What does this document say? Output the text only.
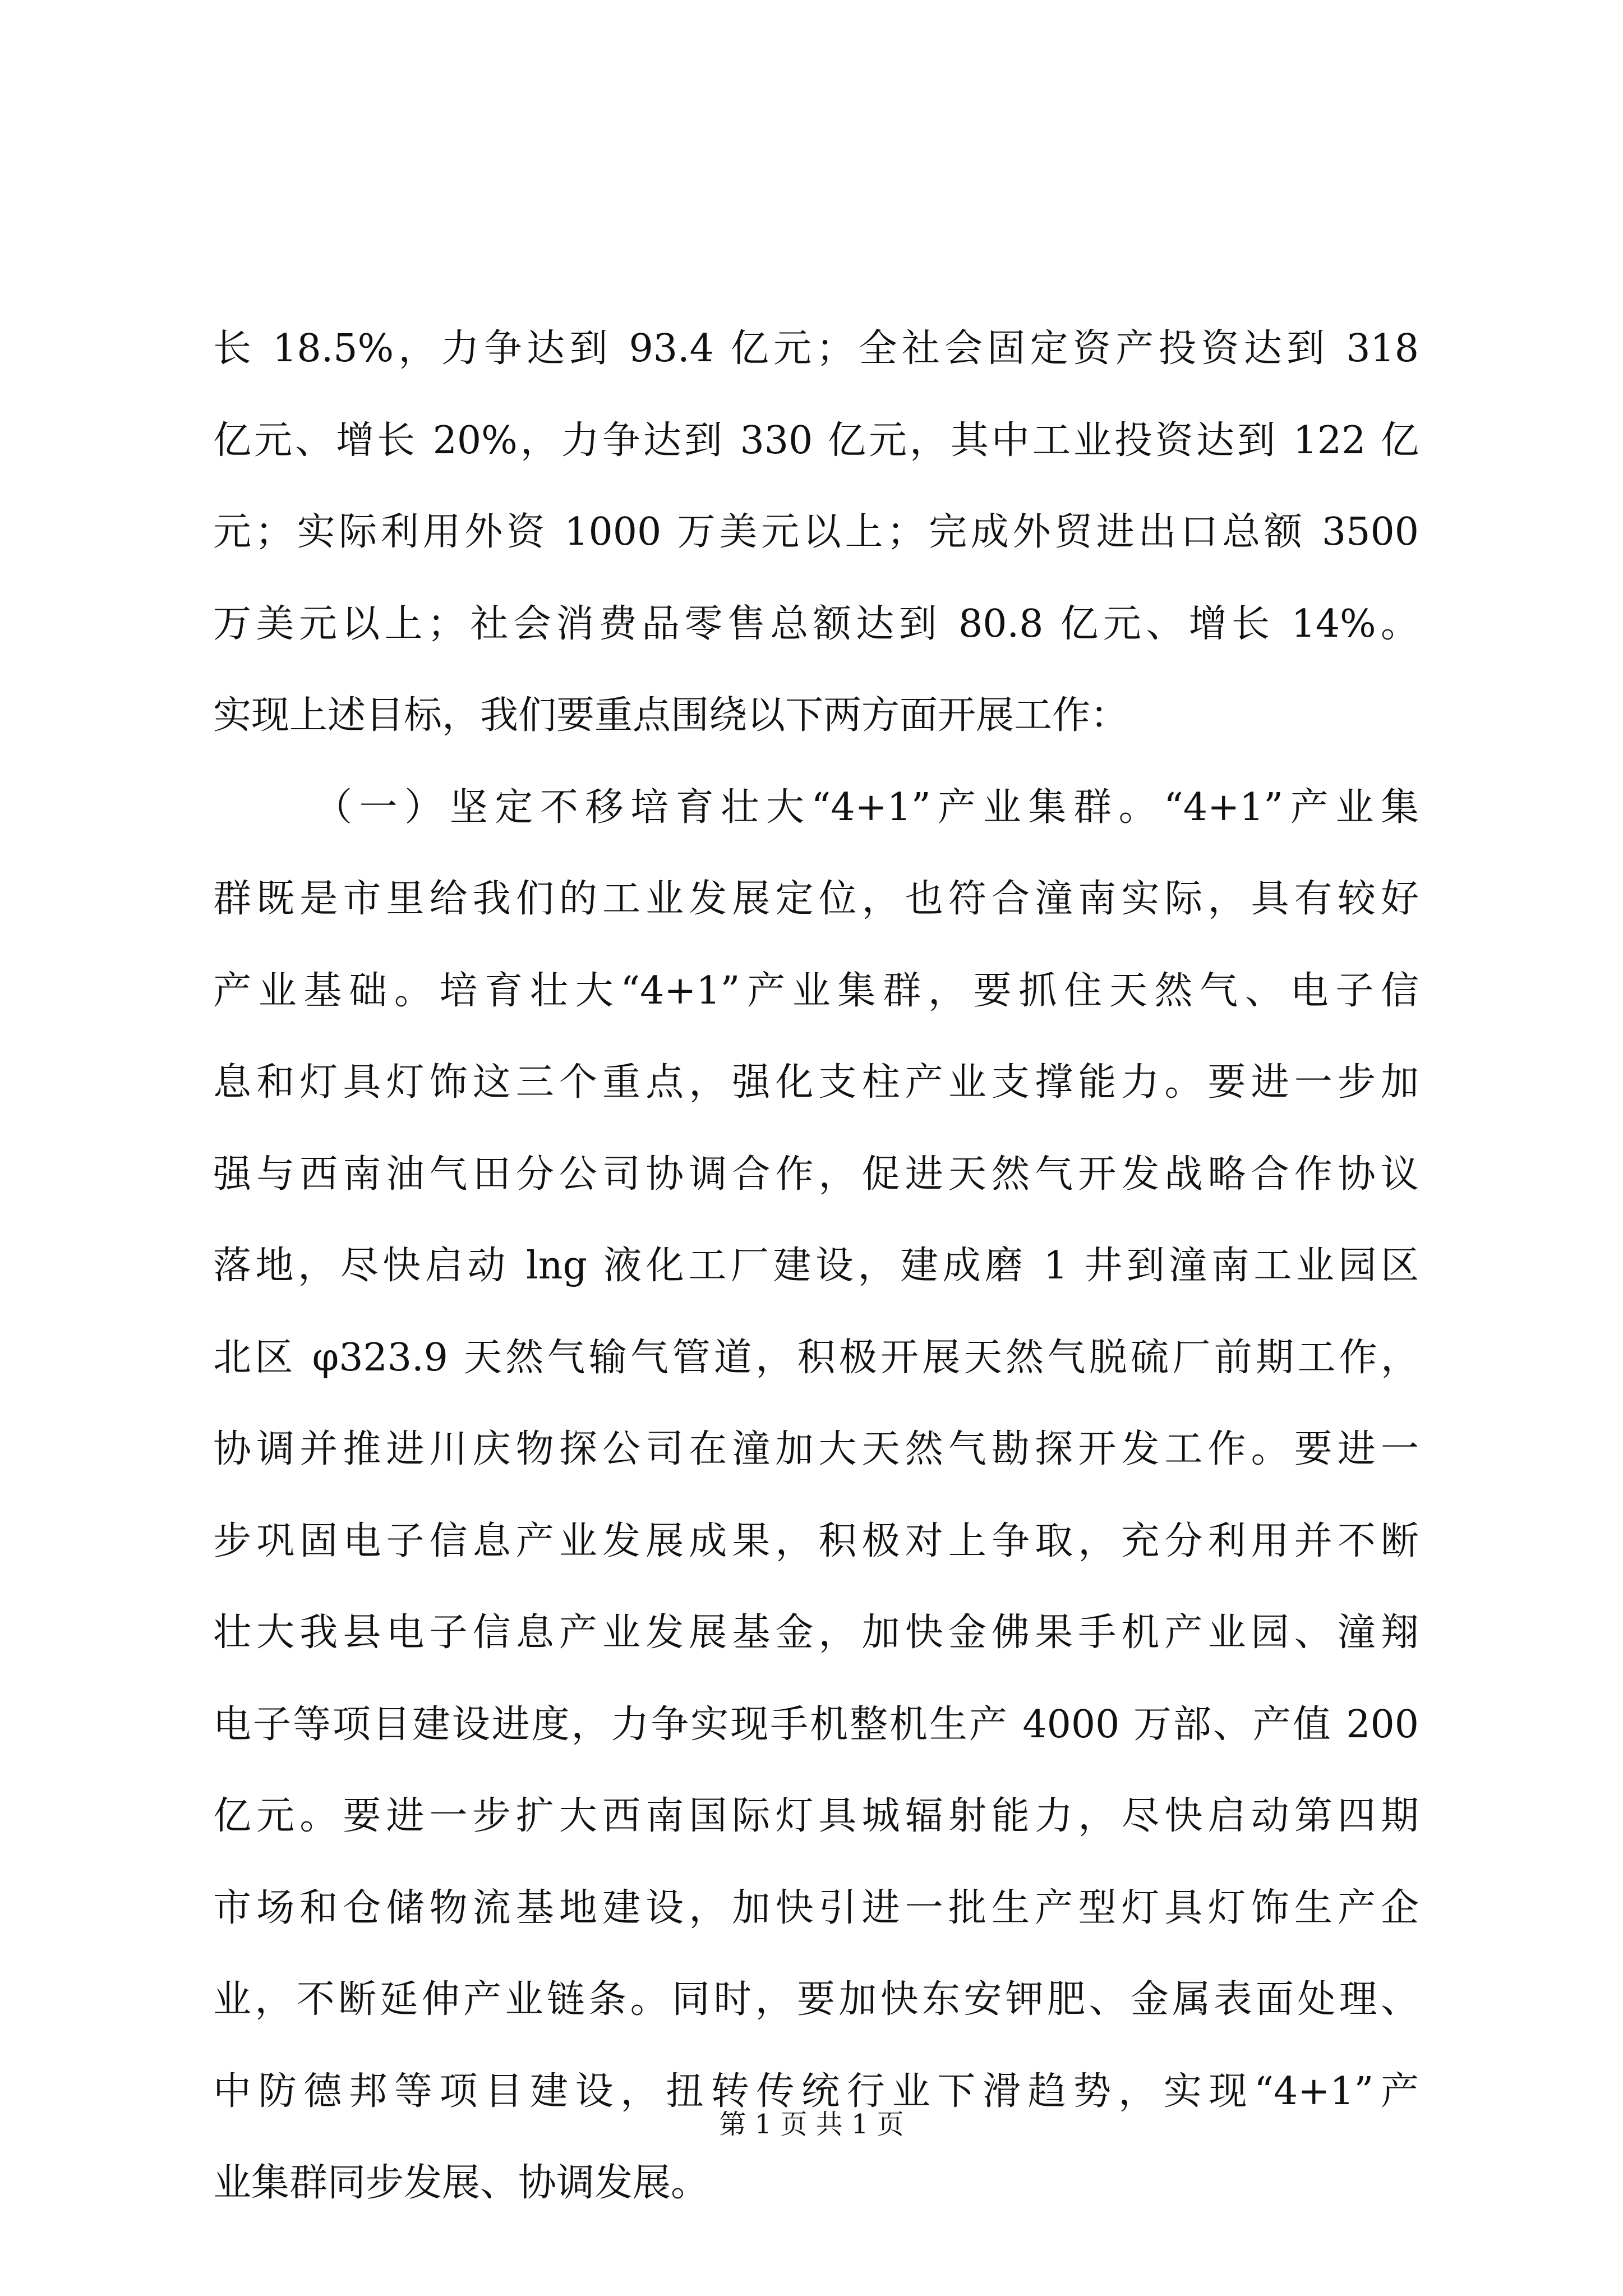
长 18.5%，力争达到 93.4 亿元；全社会固定资产投资达到 318
亿元、增长 20%，力争达到 330 亿元，其中工业投资达到 122 亿
元；实际利用外资 1000 万美元以上；完成外贸进出口总额 3500
万美元以上；社会消费品零售总额达到 80.8 亿元、增长 14%。
实现上述目标，我们要重点围绕以下两方面开展工作：
（一）坚定不移培育壮大“4+1”产业集群。“4+1”产业集
群既是市里给我们的工业发展定位，也符合潼南实际，具有较好
产业基础。培育壮大“4+1”产业集群，要抓住天然气、电子信
息和灯具灯饰这三个重点，强化支柱产业支撑能力。要进一步加
强与西南油气田分公司协调合作，促进天然气开发战略合作协议
落地，尽快启动 lng 液化工厂建设，建成磨 1 井到潼南工业园区
北区 φ323.9 天然气输气管道，积极开展天然气脱硫厂前期工作，
协调并推进川庆物探公司在潼加大天然气勘探开发工作。要进一
步巩固电子信息产业发展成果，积极对上争取，充分利用并不断
壮大我县电子信息产业发展基金，加快金佛果手机产业园、潼翔
电子等项目建设进度，力争实现手机整机生产 4000 万部、产值 200
亿元。要进一步扩大西南国际灯具城辐射能力，尽快启动第四期
市场和仓储物流基地建设，加快引进一批生产型灯具灯饰生产企
业，不断延伸产业链条。同时，要加快东安钾肥、金属表面处理、
中防德邦等项目建设，扭转传统行业下滑趋势，实现“4+1”产
业集群同步发展、协调发展。
第 1 页 共 1 页
